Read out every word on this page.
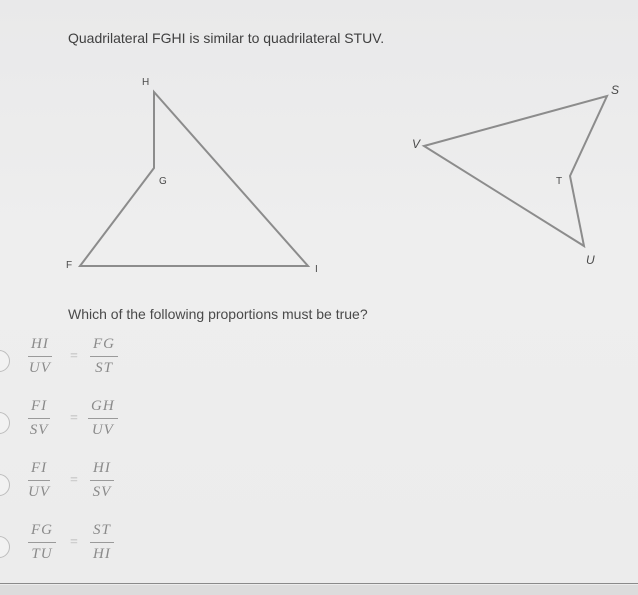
Quadrilateral FGHI is similar to quadrilateral STUV.
H
G
F	I
S
V
T
U
Which of the following proportions must be true?
$\frac{HI}{UV} = \frac{FG}{ST}$
$\frac{FI}{SV} = \frac{GH}{UV}$
$\frac{FI}{UV} = \frac{HI}{SV}$
$\frac{FG}{TU} = \frac{ST}{HI}$
